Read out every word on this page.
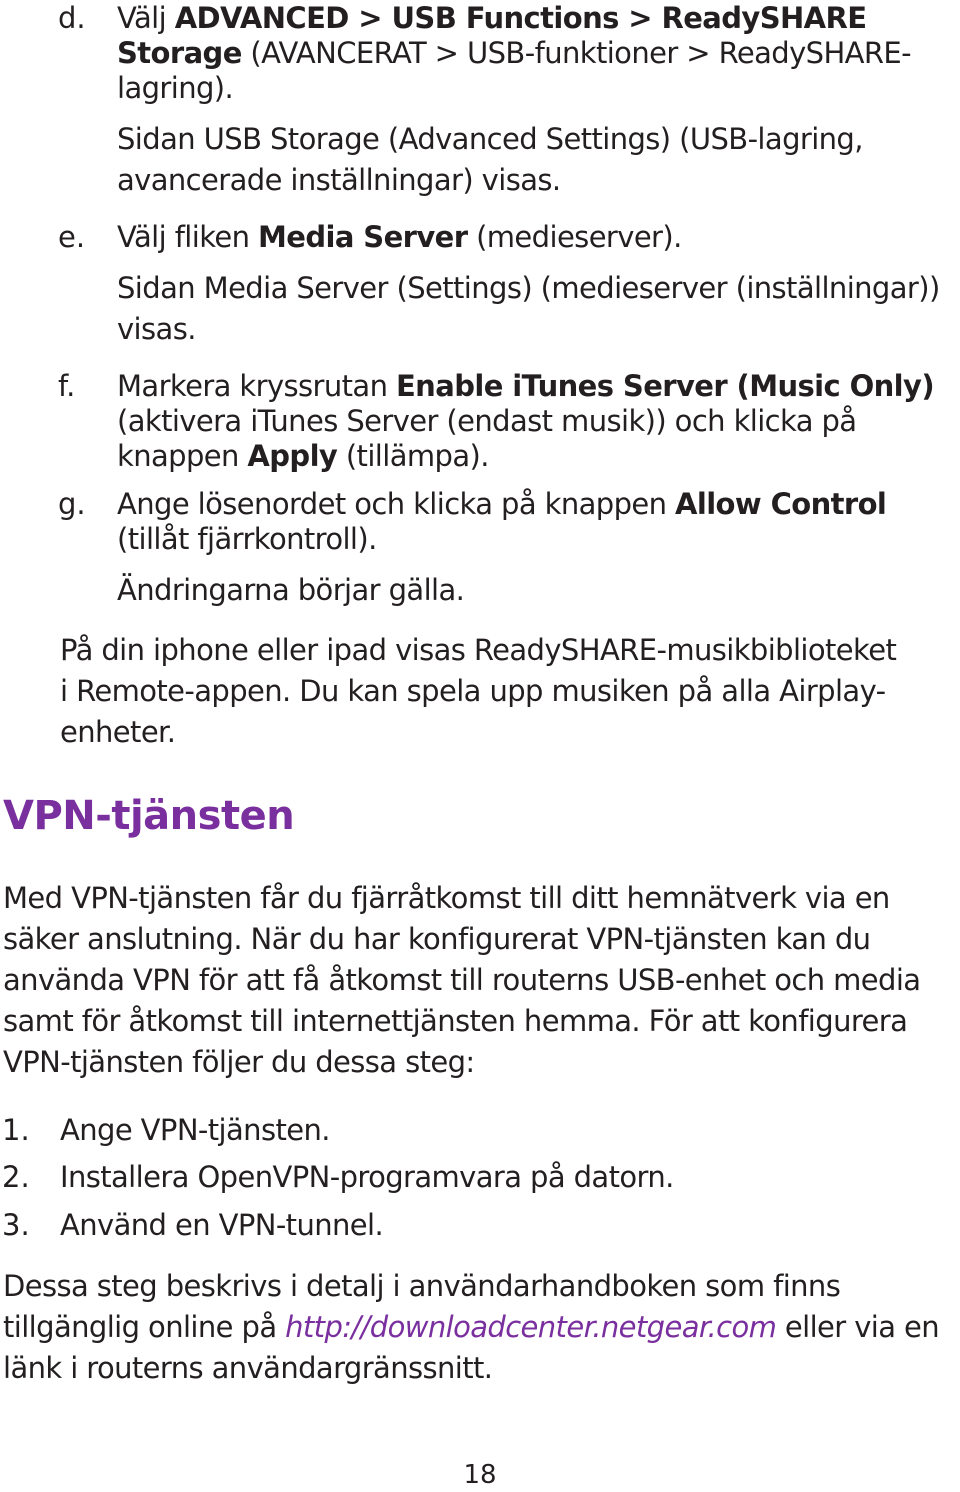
d. Välj ADVANCED > USB Functions > ReadySHARE
Storage (AVANCERAT > USB-funktioner > ReadySHARE-
lagring).
Sidan USB Storage (Advanced Settings) (USB-lagring,
avancerade inställningar) visas.
e. Välj fliken Media Server (medieserver).
Sidan Media Server (Settings) (medieserver (inställningar))
visas.
f. Markera kryssrutan Enable iTunes Server (Music Only)
(aktivera iTunes Server (endast musik)) och klicka på
knappen Apply (tillämpa).
g. Ange lösenordet och klicka på knappen Allow Control
(tillåt fjärrkontroll).
Ändringarna börjar gälla.
På din iphone eller ipad visas ReadySHARE-musikbiblioteket
i Remote-appen. Du kan spela upp musiken på alla Airplay-
enheter.
VPN-tjänsten
Med VPN-tjänsten får du fjärråtkomst till ditt hemnätverk via en
säker anslutning. När du har konfigurerat VPN-tjänsten kan du
använda VPN för att få åtkomst till routerns USB-enhet och media
samt för åtkomst till internettjänsten hemma. För att konfigurera
VPN-tjänsten följer du dessa steg:
1. Ange VPN-tjänsten.
2. Installera OpenVPN-programvara på datorn.
3. Använd en VPN-tunnel.
Dessa steg beskrivs i detalj i användarhandboken som finns
tillgänglig online på http://downloadcenter.netgear.com eller via en
länk i routerns användargränssnitt.
18
